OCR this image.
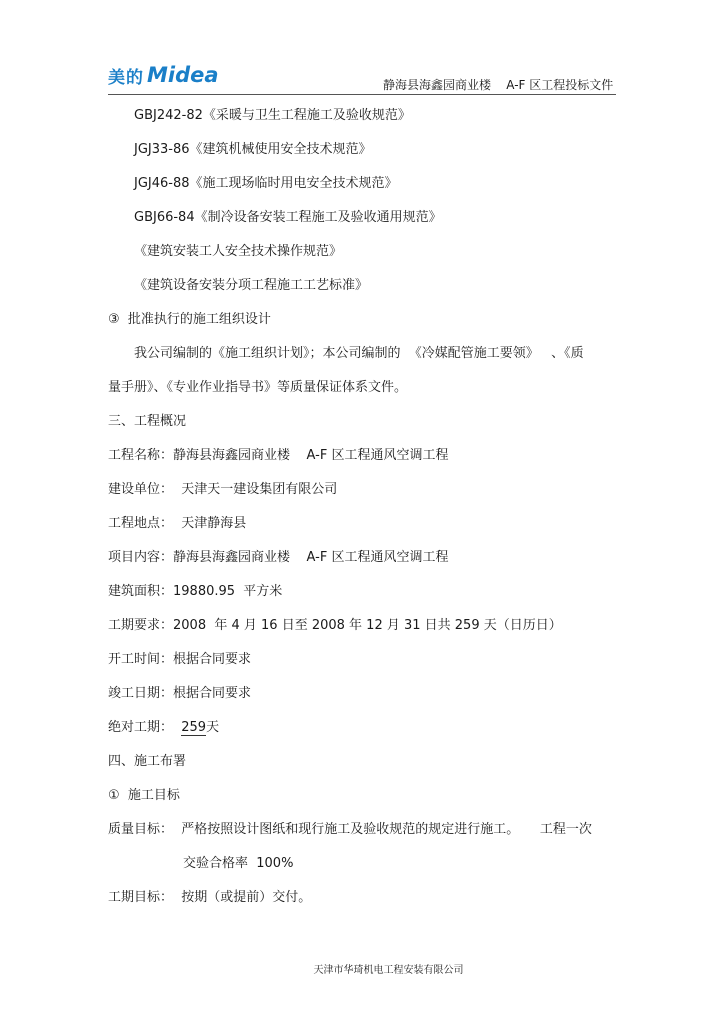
美的 Midea	静海县海鑫园商业楼    A-F 区工程投标文件
GBJ242-82《采暖与卫生工程施工及验收规范》
JGJ33-86《建筑机械使用安全技术规范》
JGJ46-88《施工现场临时用电安全技术规范》
GBJ66-84《制冷设备安装工程施工及验收通用规范》
《建筑安装工人安全技术操作规范》
《建筑设备安装分项工程施工工艺标准》
③  批准执行的施工组织设计
我公司编制的《施工组织计划》；本公司编制的  《冷媒配管施工要领》   、《质
量手册》、《专业作业指导书》等质量保证体系文件。
三、工程概况
工程名称：静海县海鑫园商业楼    A-F 区工程通风空调工程
建设单位：  天津天一建设集团有限公司
工程地点：  天津静海县
项目内容：静海县海鑫园商业楼    A-F 区工程通风空调工程
建筑面积：19880.95  平方米
工期要求：2008  年 4 月 16 日至 2008 年 12 月 31 日共 259 天（日历日）
开工时间：根据合同要求
竣工日期：根据合同要求
绝对工期：  259天
四、施工布署
①  施工目标
质量目标：  严格按照设计图纸和现行施工及验收规范的规定进行施工。     工程一次
交验合格率  100%
工期目标：  按期（或提前）交付。
天津市华琦机电工程安装有限公司
